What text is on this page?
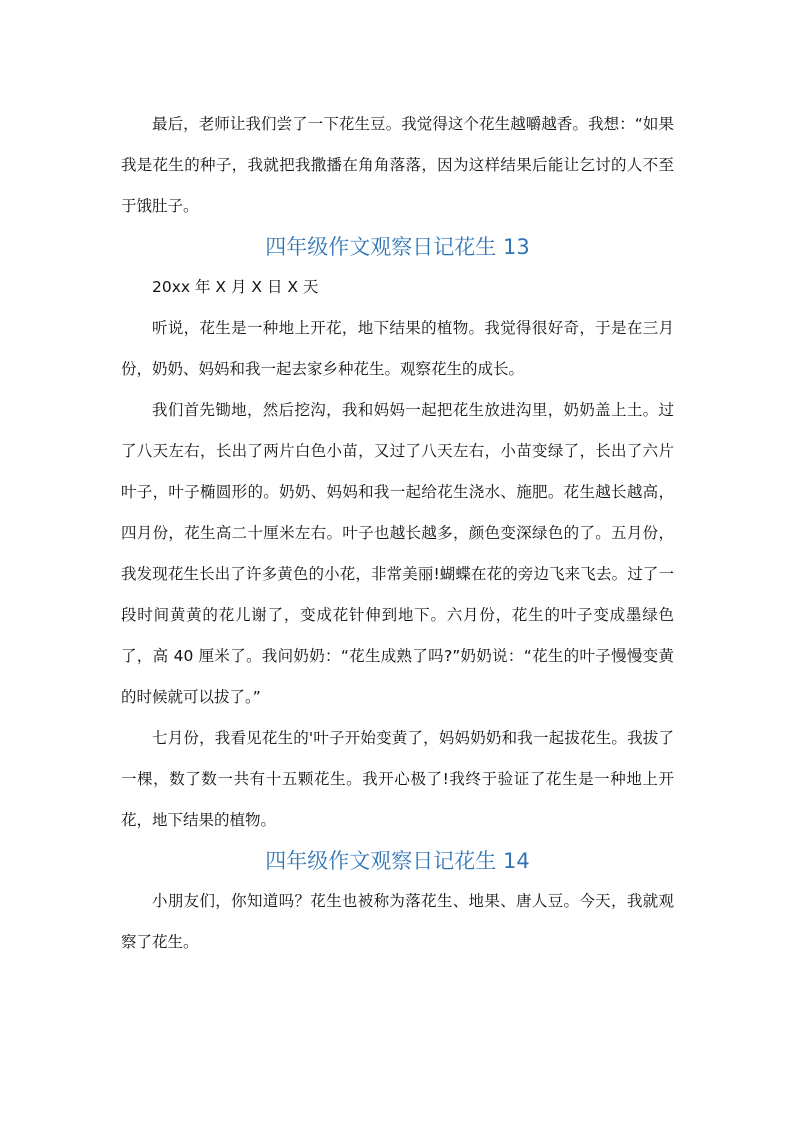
最后，老师让我们尝了一下花生豆。我觉得这个花生越嚼越香。我想：“如果我是花生的种子，我就把我撒播在角角落落，因为这样结果后能让乞讨的人不至于饿肚子。

四年级作文观察日记花生 13

20xx 年 X 月 X 日 X 天

听说，花生是一种地上开花，地下结果的植物。我觉得很好奇，于是在三月份，奶奶、妈妈和我一起去家乡种花生。观察花生的成长。

我们首先锄地，然后挖沟，我和妈妈一起把花生放进沟里，奶奶盖上土。过了八天左右，长出了两片白色小苗，又过了八天左右，小苗变绿了，长出了六片叶子，叶子椭圆形的。奶奶、妈妈和我一起给花生浇水、施肥。花生越长越高，四月份，花生高二十厘米左右。叶子也越长越多，颜色变深绿色的了。五月份，我发现花生长出了许多黄色的小花，非常美丽!蝴蝶在花的旁边飞来飞去。过了一段时间黄黄的花儿谢了，变成花针伸到地下。六月份，花生的叶子变成墨绿色了，高 40 厘米了。我问奶奶：“花生成熟了吗?”奶奶说：“花生的叶子慢慢变黄的时候就可以拔了。”

七月份，我看见花生的'叶子开始变黄了，妈妈奶奶和我一起拔花生。我拔了一棵，数了数一共有十五颗花生。我开心极了!我终于验证了花生是一种地上开花，地下结果的植物。

四年级作文观察日记花生 14

小朋友们，你知道吗？花生也被称为落花生、地果、唐人豆。今天，我就观察了花生。
